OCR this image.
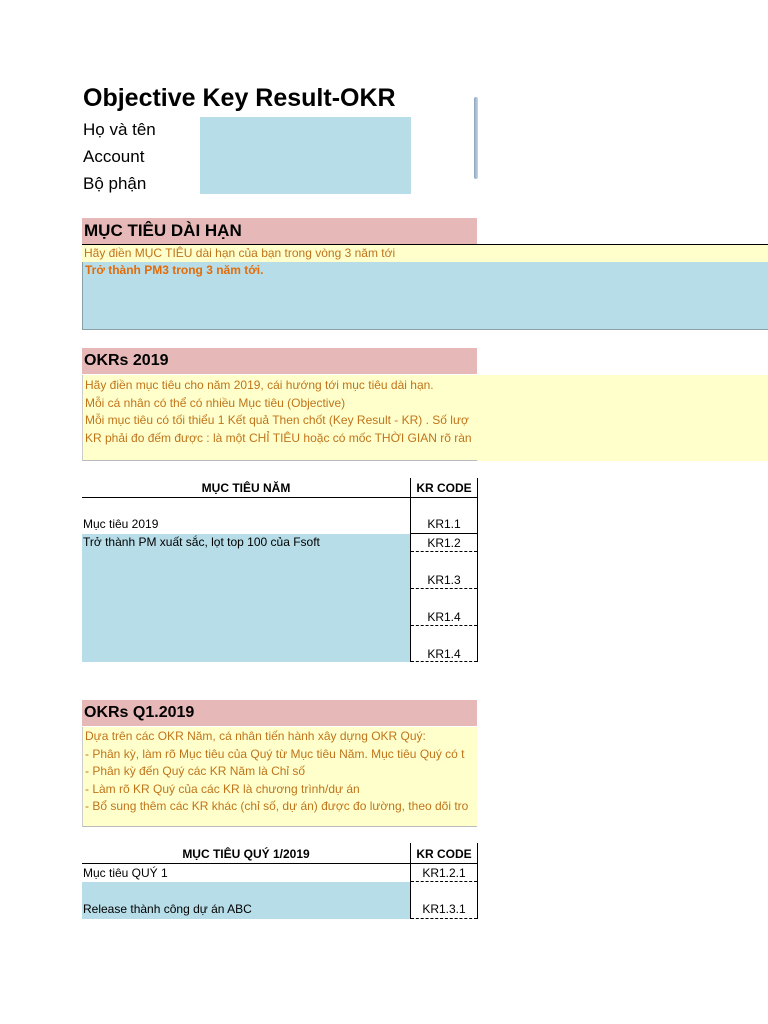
Objective Key Result-OKR
Họ và tên
Account
Bộ phận
MỤC TIÊU DÀI HẠN
Hãy điền MỤC TIÊU dài hạn của bạn trong vòng 3 năm tới
Trở thành PM3 trong 3 năm tới.
OKRs 2019
Hãy điền mục tiêu cho năm 2019, cái hướng tới mục tiêu dài hạn.
Mỗi cá nhân có thể có nhiều Mục tiêu (Objective)
Mỗi mục tiêu có tối thiểu 1 Kết quả Then chốt (Key Result - KR) . Số lượ
KR phải đo đếm được : là một CHỈ TIÊU hoặc có mốc THỜI GIAN rõ ràn
MỤC TIÊU NĂM	KR CODE
Mục tiêu 2019
Trở thành PM xuất sắc, lọt top 100 của Fsoft
KR1.1
KR1.2
KR1.3
KR1.4
KR1.4
OKRs Q1.2019
Dựa trên các OKR Năm, cá nhân tiến hành xây dựng OKR Quý:
- Phân kỳ, làm rõ Mục tiêu của Quý từ Mục tiêu Năm. Mục tiêu Quý có t
- Phân kỳ đến Quý các KR Năm là Chỉ số
- Làm rõ KR Quý của các KR là chương trình/dự án
- Bổ sung thêm các KR khác (chỉ số, dự án) được đo lường, theo dõi tro
MỤC TIÊU QUÝ 1/2019	KR CODE
Mục tiêu QUÝ 1
Release thành công dự án ABC
KR1.2.1
KR1.3.1
